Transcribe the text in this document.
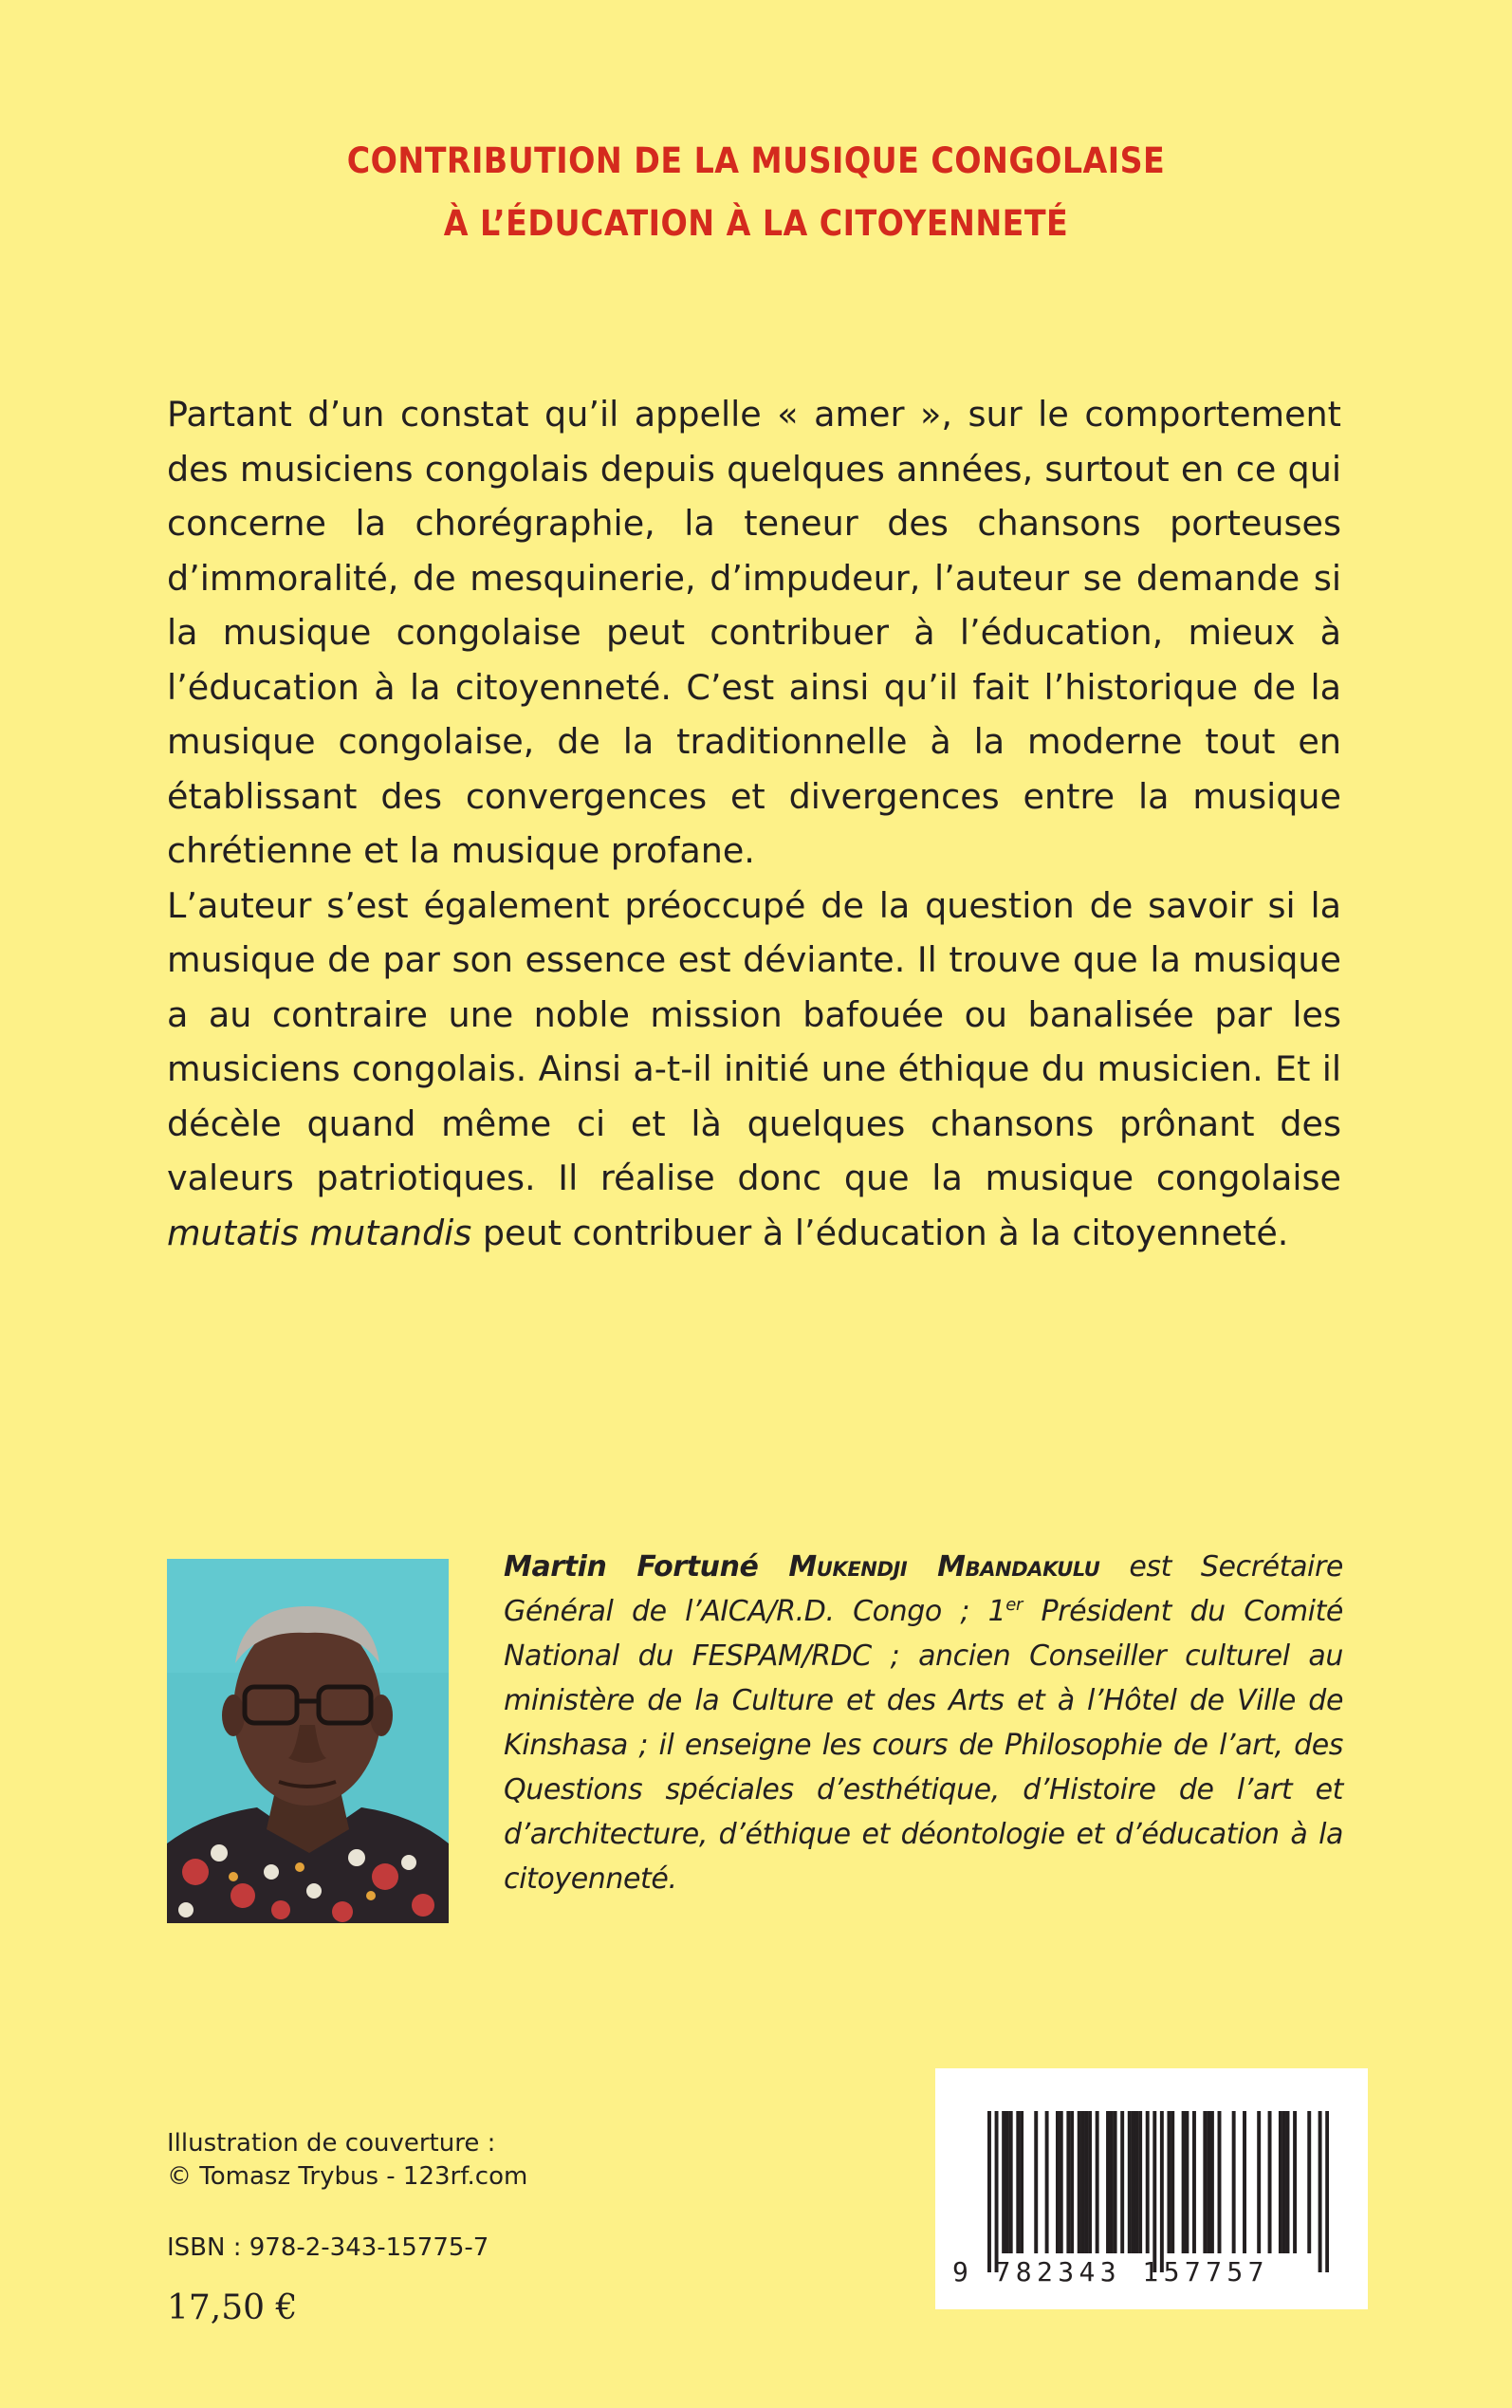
CONTRIBUTION DE LA MUSIQUE CONGOLAISE
À L’ÉDUCATION À LA CITOYENNETÉ

Partant d’un constat qu’il appelle « amer », sur le comportement des musiciens congolais depuis quelques années, surtout en ce qui concerne la chorégraphie, la teneur des chansons porteuses d’immoralité, de mesquinerie, d’impudeur, l’auteur se demande si la musique congolaise peut contribuer à l’éducation, mieux à l’éducation à la citoyenneté. C’est ainsi qu’il fait l’historique de la musique congolaise, de la traditionnelle à la moderne tout en établissant des convergences et divergences entre la musique chrétienne et la musique profane.

L’auteur s’est également préoccupé de la question de savoir si la musique de par son essence est déviante. Il trouve que la musique a au contraire une noble mission bafouée ou banalisée par les musiciens congolais. Ainsi a-t-il initié une éthique du musicien. Et il décèle quand même ci et là quelques chansons prônant des valeurs patriotiques. Il réalise donc que la musique congolaise mutatis mutandis peut contribuer à l’éducation à la citoyenneté.

Martin Fortuné Mukendji Mbandakulu est Secrétaire Général de l’AICA/R.D. Congo ; 1er Président du Comité National du FESPAM/RDC ; ancien Conseiller culturel au ministère de la Culture et des Arts et à l’Hôtel de Ville de Kinshasa ; il enseigne les cours de Philosophie de l’art, des Questions spéciales d’esthétique, d’Histoire de l’art et d’architecture, d’éthique et déontologie et d’éducation à la citoyenneté.
Illustration de couverture :
© Tomasz Trybus - 123rf.com
ISBN : 978-2-343-15775-7
17,50 €
9 782343 157757
